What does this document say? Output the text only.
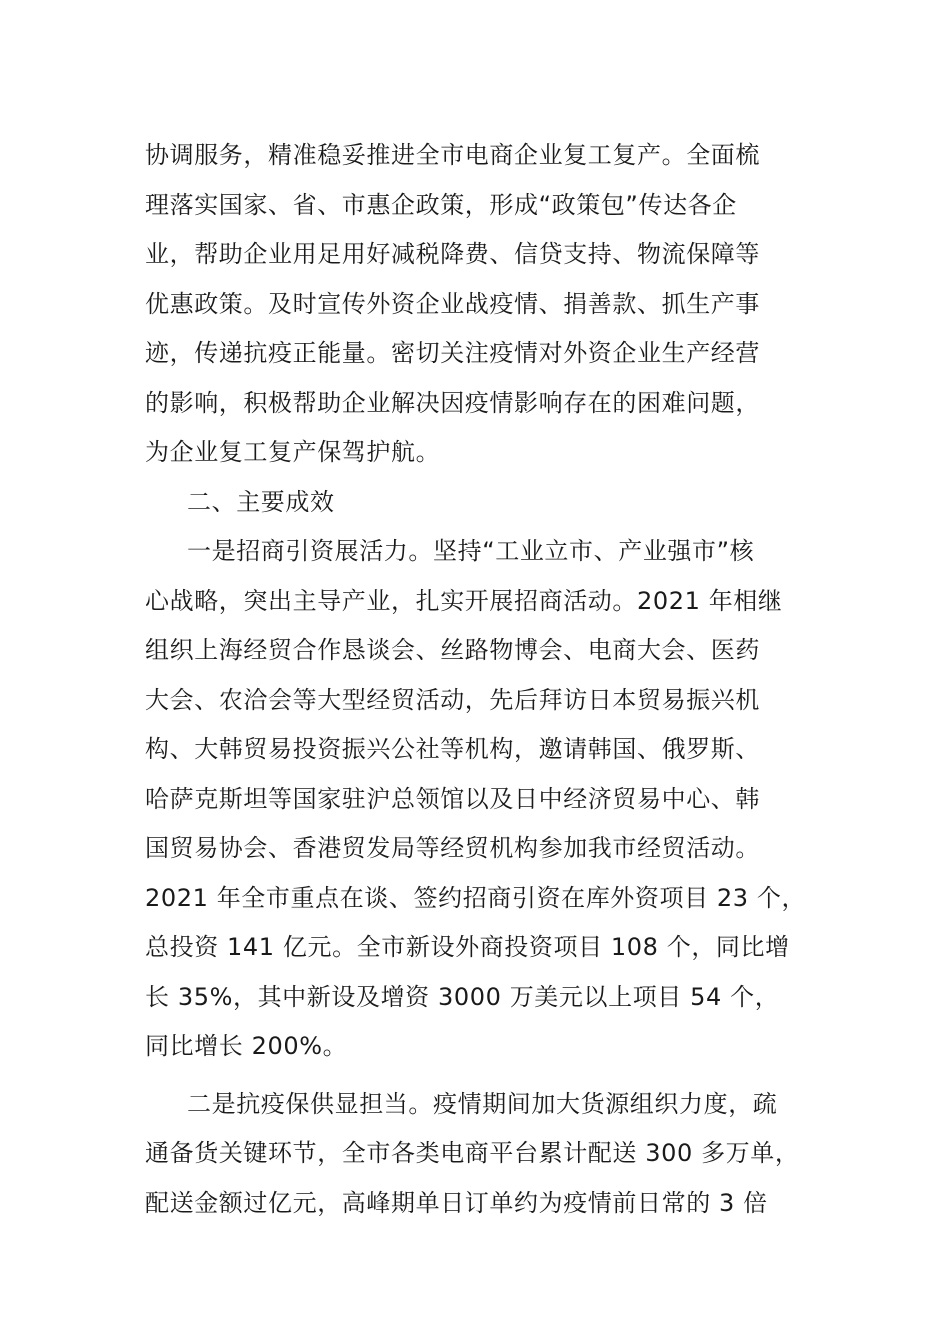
协调服务，精准稳妥推进全市电商企业复工复产。全面梳
理落实国家、省、市惠企政策，形成“政策包”传达各企
业，帮助企业用足用好减税降费、信贷支持、物流保障等
优惠政策。及时宣传外资企业战疫情、捐善款、抓生产事
迹，传递抗疫正能量。密切关注疫情对外资企业生产经营
的影响，积极帮助企业解决因疫情影响存在的困难问题，
为企业复工复产保驾护航。
二、主要成效
一是招商引资展活力。坚持“工业立市、产业强市”核
心战略，突出主导产业，扎实开展招商活动。2021 年相继
组织上海经贸合作恳谈会、丝路物博会、电商大会、医药
大会、农洽会等大型经贸活动，先后拜访日本贸易振兴机
构、大韩贸易投资振兴公社等机构，邀请韩国、俄罗斯、
哈萨克斯坦等国家驻沪总领馆以及日中经济贸易中心、韩
国贸易协会、香港贸发局等经贸机构参加我市经贸活动。
2021 年全市重点在谈、签约招商引资在库外资项目 23 个，
总投资 141 亿元。全市新设外商投资项目 108 个，同比增
长 35%，其中新设及增资 3000 万美元以上项目 54 个，
同比增长 200%。
二是抗疫保供显担当。疫情期间加大货源组织力度，疏
通备货关键环节，全市各类电商平台累计配送 300 多万单，
配送金额过亿元，高峰期单日订单约为疫情前日常的 3 倍
